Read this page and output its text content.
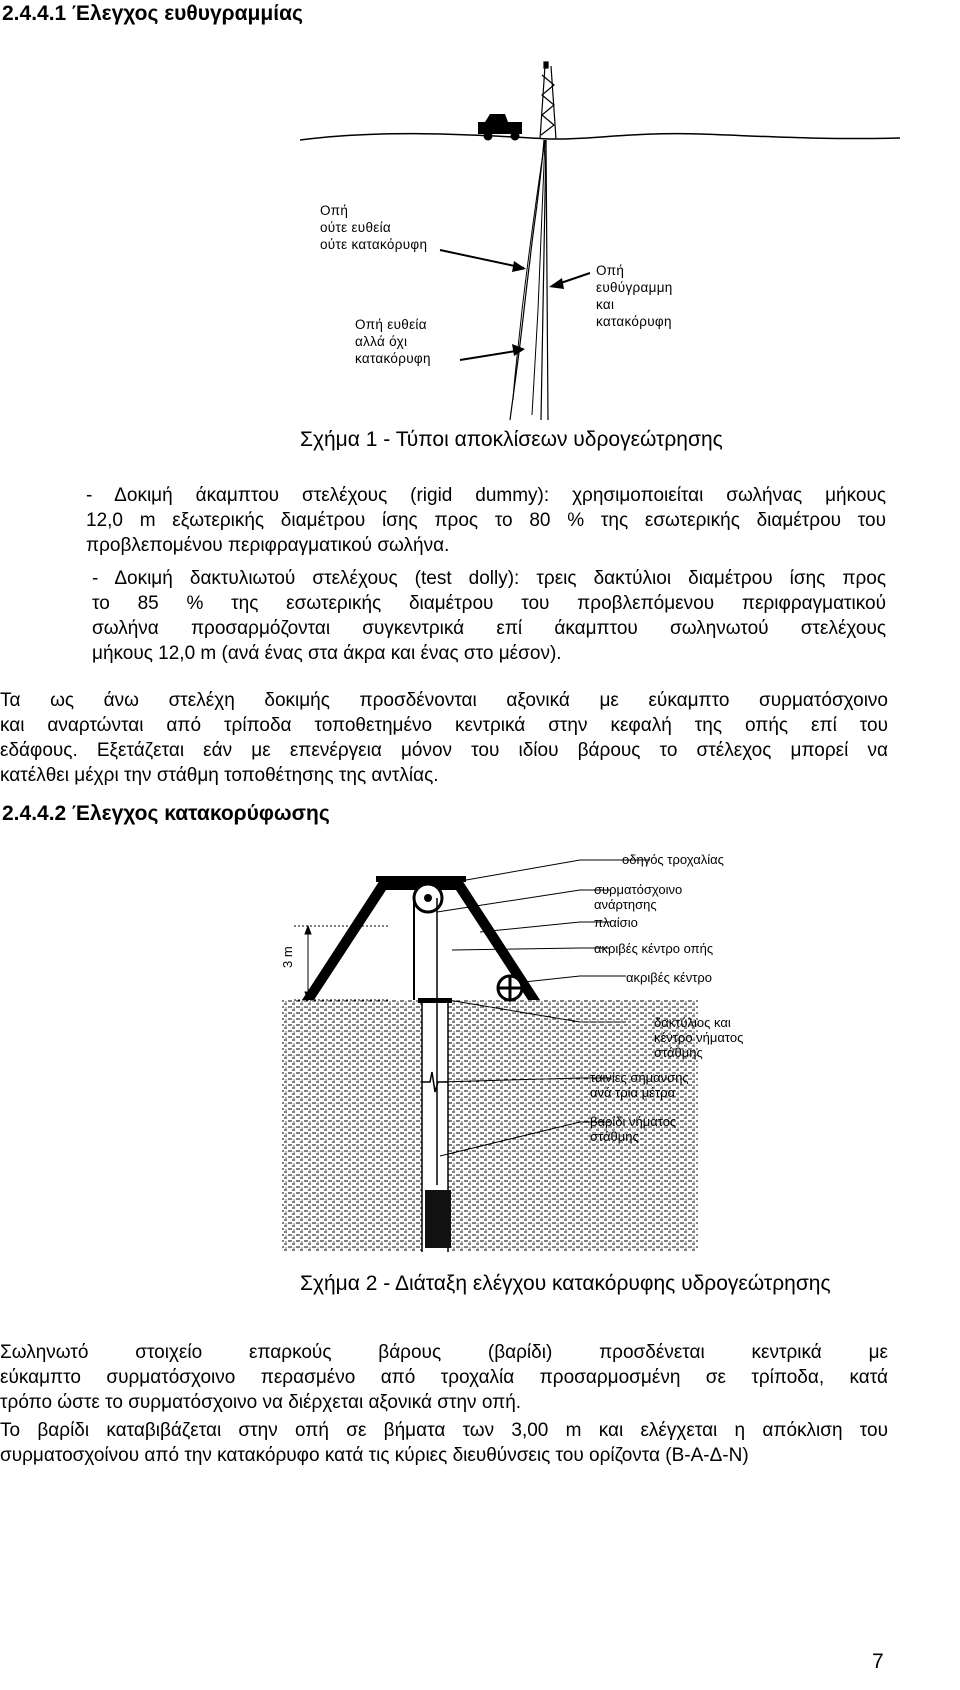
2.4.4.1 Έλεγχος ευθυγραμμίας
Οπή
ούτε ευθεία
ούτε κατακόρυφη
Οπή
ευθύγραμμη
και
κατακόρυφη
Οπή ευθεία
αλλά όχι
κατακόρυφη
Σχήμα 1 - Τύποι αποκλίσεων υδρογεώτρησης
- Δοκιμή άκαμπτου στελέχους (rigid dummy): χρησιμοποιείται σωλήνας μήκους
12,0 m εξωτερικής διαμέτρου ίσης προς το 80 % της εσωτερικής διαμέτρου του
προβλεπομένου περιφραγματικού σωλήνα.
- Δοκιμή δακτυλιωτού στελέχους (test dolly): τρεις δακτύλιοι διαμέτρου ίσης προς
το 85 % της εσωτερικής διαμέτρου του προβλεπόμενου περιφραγματικού
σωλήνα προσαρμόζονται συγκεντρικά επί άκαμπτου σωληνωτού στελέχους
μήκους 12,0 m (ανά ένας στα άκρα και ένας στο μέσον).
Τα ως άνω στελέχη δοκιμής προσδένονται αξονικά με εύκαμπτο συρματόσχοινο
και αναρτώνται από τρίποδα τοποθετημένο κεντρικά στην κεφαλή της οπής επί του
εδάφους. Εξετάζεται εάν με επενέργεια μόνον του ιδίου βάρους το στέλεχος μπορεί να
κατέλθει μέχρι την στάθμη τοποθέτησης της αντλίας.
2.4.4.2 Έλεγχος κατακορύφωσης
3 m
οδηγός τροχαλίας
συρματόσχοινο
ανάρτησης
πλαίσιο
ακριβές κέντρο οπής
ακριβές κέντρο
δακτύλιος και
κέντρο νήματος
στάθμης
ταινίες σήμανσης
ανά τρία μέτρα
βαρίδι νήματος
στάθμης
Σχήμα 2 - Διάταξη ελέγχου κατακόρυφης υδρογεώτρησης
Σωληνωτό στοιχείο επαρκούς βάρους (βαρίδι) προσδένεται κεντρικά με
εύκαμπτο συρματόσχοινο περασμένο από τροχαλία προσαρμοσμένη σε τρίποδα, κατά
τρόπο ώστε το συρματόσχοινο να διέρχεται αξονικά στην οπή.
Το βαρίδι καταβιβάζεται στην οπή σε βήματα των 3,00 m και ελέγχεται η απόκλιση του
συρματοσχοίνου από την κατακόρυφο κατά τις κύριες διευθύνσεις του ορίζοντα (Β-Α-Δ-Ν)
7
